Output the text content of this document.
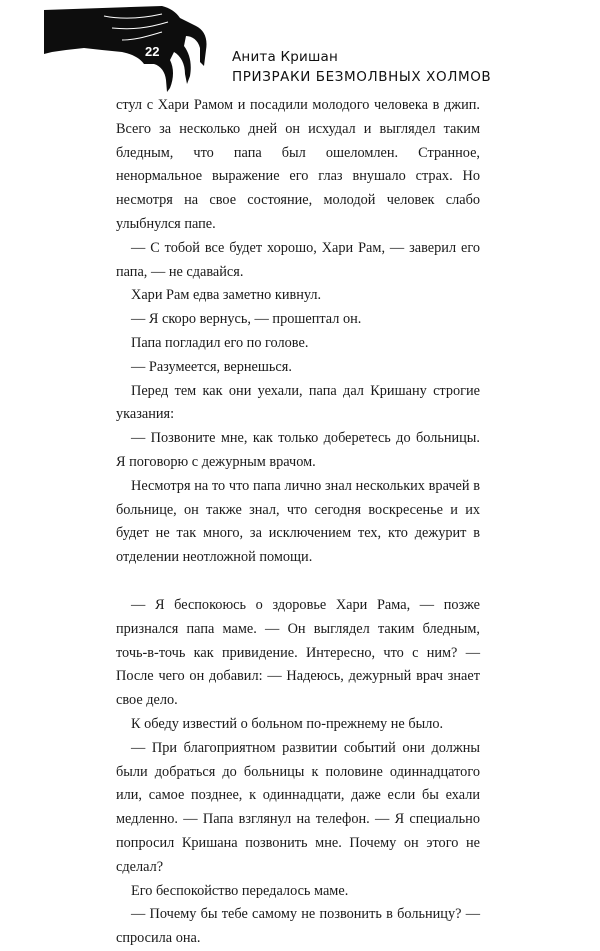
22	Анита Кришан
ПРИЗРАКИ БЕЗМОЛВНЫХ ХОЛМОВ

стул с Хари Рамом и посадили молодого человека в джип. Всего за несколько дней он исхудал и выглядел таким бледным, что папа был ошеломлен. Странное, ненормальное выражение его глаз внушало страх. Но несмотря на свое состояние, молодой человек слабо улыбнулся папе.

— С тобой все будет хорошо, Хари Рам, — заверил его папа, — не сдавайся.

Хари Рам едва заметно кивнул.

— Я скоро вернусь, — прошептал он.

Папа погладил его по голове.

— Разумеется, вернешься.

Перед тем как они уехали, папа дал Кришану строгие указания:

— Позвоните мне, как только доберетесь до больницы. Я поговорю с дежурным врачом.

Несмотря на то что папа лично знал нескольких врачей в больнице, он также знал, что сегодня воскресенье и их будет не так много, за исключением тех, кто дежурит в отделении неотложной помощи.

— Я беспокоюсь о здоровье Хари Рама, — позже признался папа маме. — Он выглядел таким бледным, точь-в-точь как привидение. Интересно, что с ним? — После чего он добавил: — Надеюсь, дежурный врач знает свое дело.

К обеду известий о больном по-прежнему не было.

— При благоприятном развитии событий они должны были добраться до больницы к половине одиннадцатого или, самое позднее, к одиннадцати, даже если бы ехали медленно. — Папа взглянул на телефон. — Я специально попросил Кришана позвонить мне. Почему он этого не сделал?

Его беспокойство передалось маме.

— Почему бы тебе самому не позвонить в больницу? — спросила она.
